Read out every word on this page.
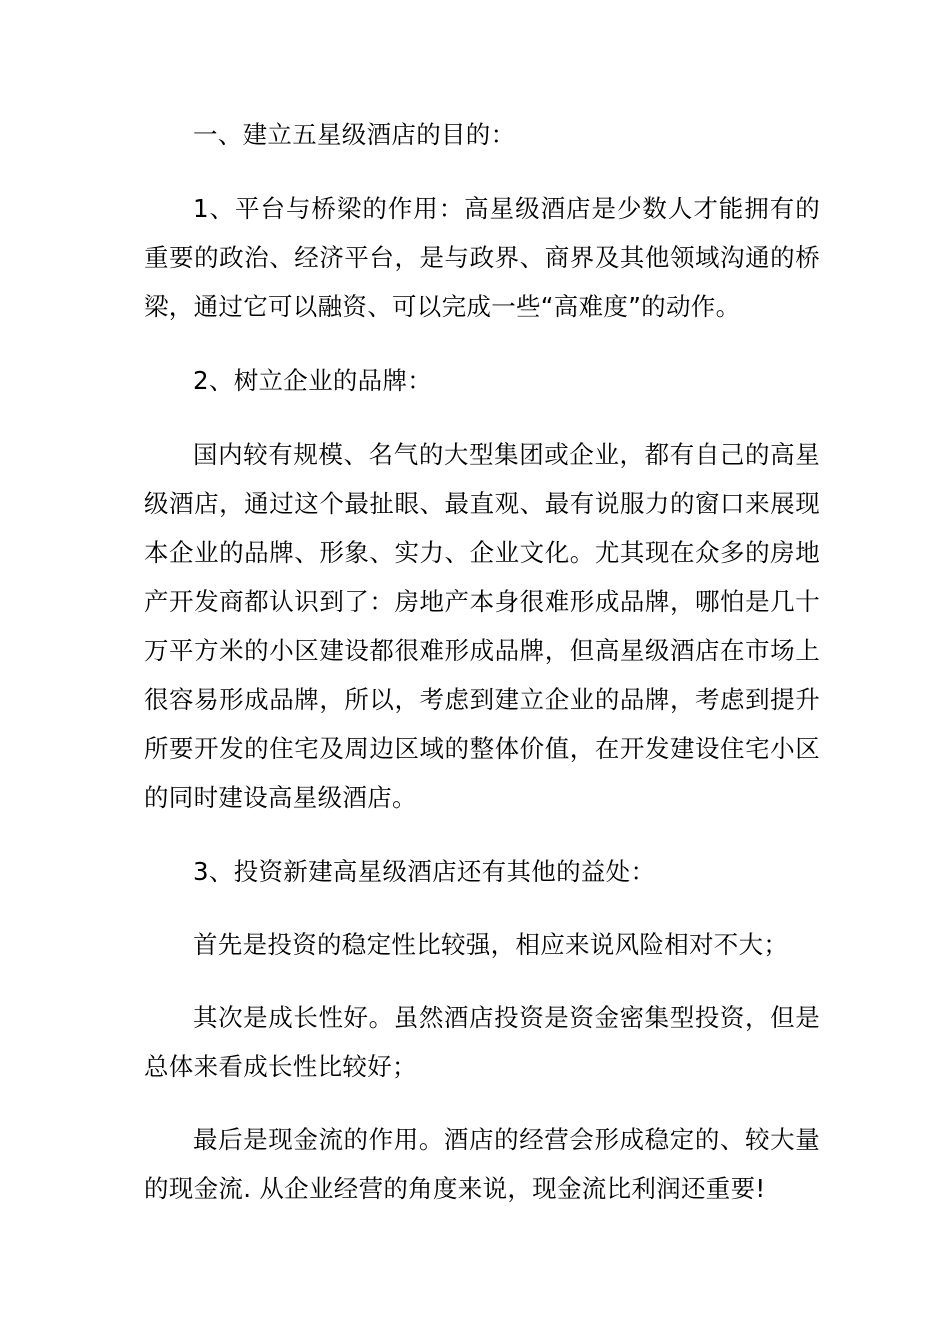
一、建立五星级酒店的目的：

1、平台与桥梁的作用：高星级酒店是少数人才能拥有的重要的政治、经济平台，是与政界、商界及其他领域沟通的桥梁，通过它可以融资、可以完成一些“高难度”的动作。

2、树立企业的品牌：

国内较有规模、名气的大型集团或企业，都有自己的高星级酒店，通过这个最扯眼、最直观、最有说服力的窗口来展现本企业的品牌、形象、实力、企业文化。尤其现在众多的房地产开发商都认识到了：房地产本身很难形成品牌，哪怕是几十万平方米的小区建设都很难形成品牌，但高星级酒店在市场上很容易形成品牌，所以，考虑到建立企业的品牌，考虑到提升所要开发的住宅及周边区域的整体价值，在开发建设住宅小区的同时建设高星级酒店。

3、投资新建高星级酒店还有其他的益处：

首先是投资的稳定性比较强，相应来说风险相对不大；

其次是成长性好。虽然酒店投资是资金密集型投资，但是总体来看成长性比较好；

最后是现金流的作用。酒店的经营会形成稳定的、较大量的现金流. 从企业经营的角度来说，现金流比利润还重要!
